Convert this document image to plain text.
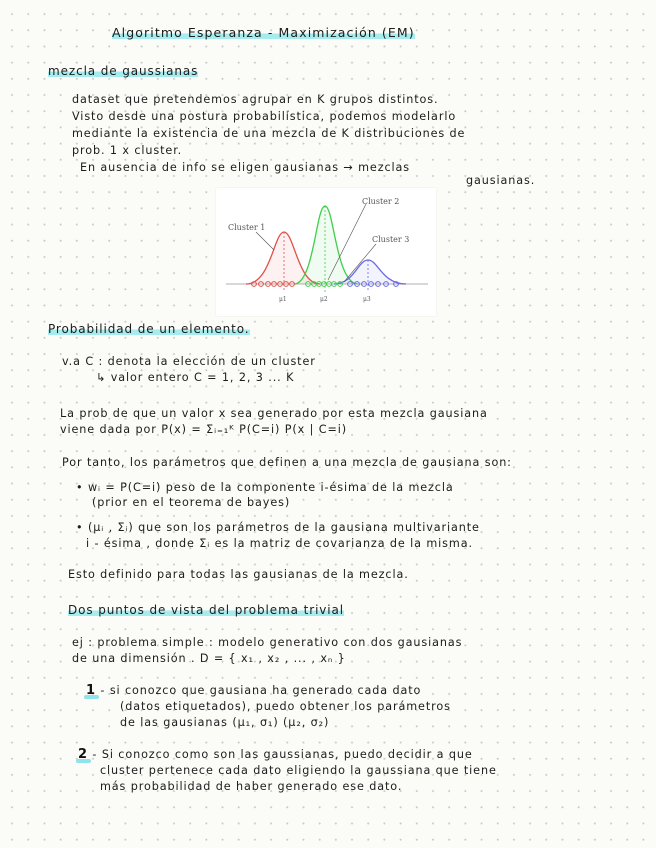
Algoritmo Esperanza - Maximización (EM)
mezcla de gaussianas
dataset que pretendemos agrupar en K grupos distintos.
Visto desde una postura probabilística, podemos modelarlo
mediante la existencia de una mezcla de K distribuciones de
prob. 1 x cluster.
En ausencia de info se eligen gausianas → mezclas
gausianas.
Cluster 1
Cluster 2
Cluster 3
μ1	μ2	μ3
Probabilidad de un elemento.
v.a C : denota la elección de un cluster
↳ valor entero C = 1, 2, 3 ... K
La prob de que un valor x sea generado por esta mezcla gausiana
viene dada por P(x) = Σᵢ₌₁ᴷ P(C=i) P(x | C=i)
Por tanto, los parámetros que definen a una mezcla de gausiana son:
• wᵢ = P(C=i) peso de la componente i-ésima de la mezcla
(prior en el teorema de bayes)
• (μᵢ , Σᵢ) que son los parámetros de la gausiana multivariante
i - ésima , donde Σᵢ es la matriz de covarianza de la misma.
Esto definido para todas las gausianas de la mezcla.
Dos puntos de vista del problema trivial
ej : problema simple : modelo generativo con dos gausianas
de una dimensión . D = { x₁ , x₂ , ... , xₙ }
1 - si conozco que gausiana ha generado cada dato
(datos etiquetados), puedo obtener los parámetros
de las gausianas (μ₁, σ₁) (μ₂, σ₂)
2 - Si conozco como son las gaussianas, puedo decidir a que
cluster pertenece cada dato eligiendo la gaussiana que tiene
más probabilidad de haber generado ese dato.
